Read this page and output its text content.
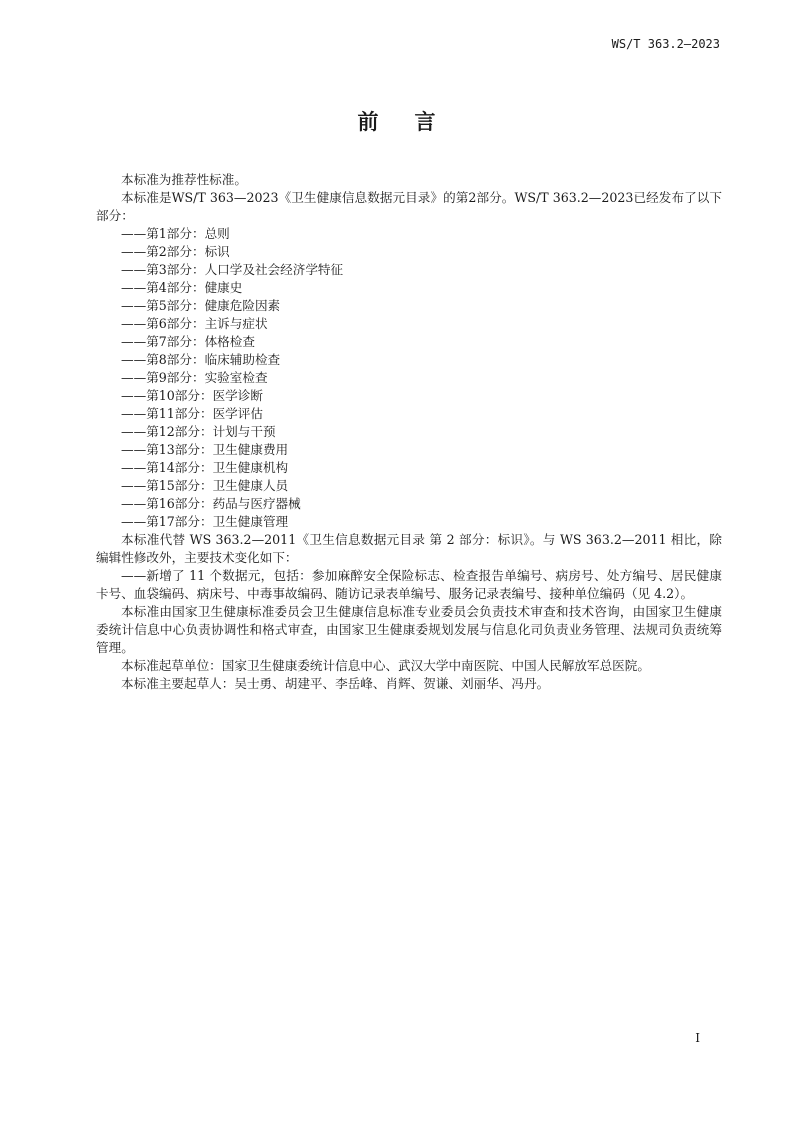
WS/T 363.2—2023
前 言

本标准为推荐性标准。

本标准是WS/T 363—2023《卫生健康信息数据元目录》的第2部分。WS/T 363.2—2023已经发布了以下部分：

——第1部分：总则
——第2部分：标识
——第3部分：人口学及社会经济学特征
——第4部分：健康史
——第5部分：健康危险因素
——第6部分：主诉与症状
——第7部分：体格检查
——第8部分：临床辅助检查
——第9部分：实验室检查
——第10部分：医学诊断
——第11部分：医学评估
——第12部分：计划与干预
——第13部分：卫生健康费用
——第14部分：卫生健康机构
——第15部分：卫生健康人员
——第16部分：药品与医疗器械
——第17部分：卫生健康管理

本标准代替 WS 363.2—2011《卫生信息数据元目录 第 2 部分：标识》。与 WS 363.2—2011 相比，除编辑性修改外，主要技术变化如下：

——新增了 11 个数据元，包括：参加麻醉安全保险标志、检查报告单编号、病房号、处方编号、居民健康卡号、血袋编码、病床号、中毒事故编码、随访记录表单编号、服务记录表编号、接种单位编码（见 4.2）。

本标准由国家卫生健康标准委员会卫生健康信息标准专业委员会负责技术审查和技术咨询，由国家卫生健康委统计信息中心负责协调性和格式审查，由国家卫生健康委规划发展与信息化司负责业务管理、法规司负责统筹管理。

本标准起草单位：国家卫生健康委统计信息中心、武汉大学中南医院、中国人民解放军总医院。

本标准主要起草人：吴士勇、胡建平、李岳峰、肖辉、贺谦、刘丽华、冯丹。

I
